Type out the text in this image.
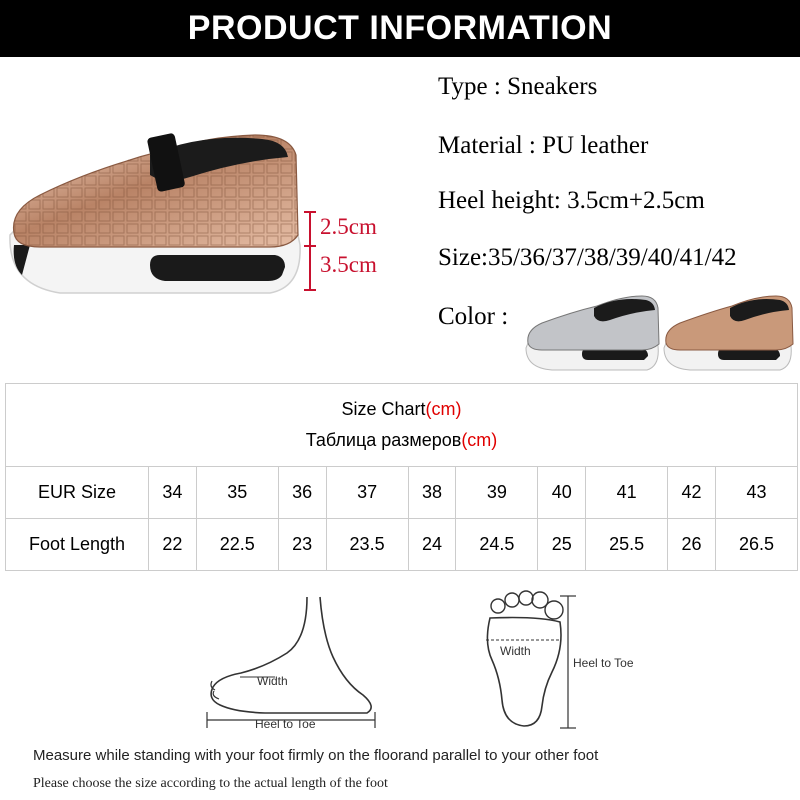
PRODUCT INFORMATION
2.5cm
3.5cm
Type : Sneakers
Material : PU leather
Heel height: 3.5cm+2.5cm
Size:35/36/37/38/39/40/41/42
Color :
Size Chart(cm)
Таблица размеров(cm)										

EUR Size	34	35	36	37	38	39	40	41	42	43
Foot Length	22	22.5	23	23.5	24	24.5	25	25.5	26	26.5
Width
Heel to Toe
Width
Heel to Toe
Measure while standing with your foot firmly on the floorand parallel to your other foot
Please choose the size according to the actual length of the foot
